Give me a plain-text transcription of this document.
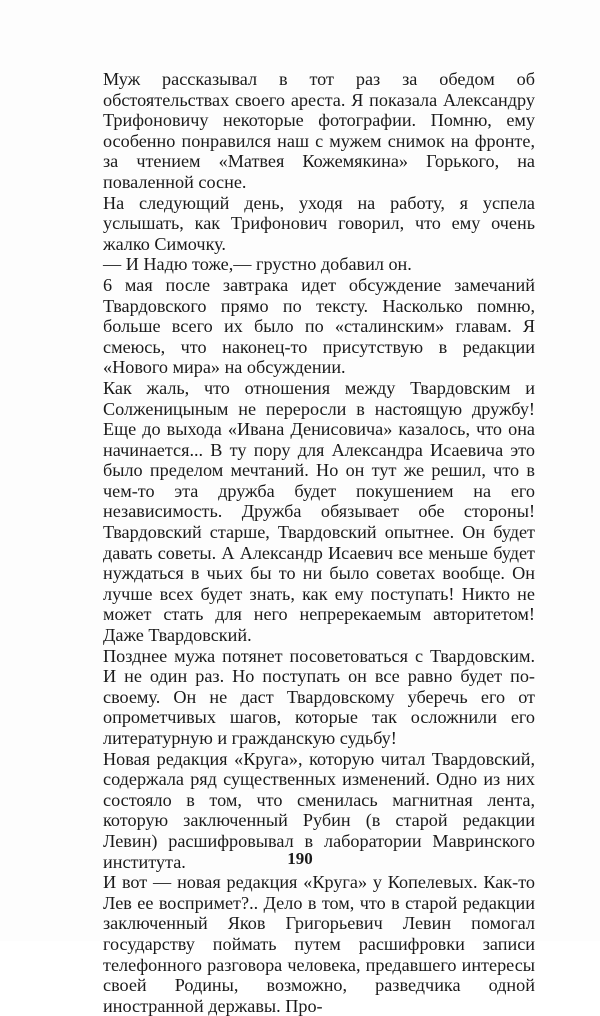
Муж рассказывал в тот раз за обедом об обстоятельствах своего ареста. Я показала Александру Трифоновичу некоторые фотографии. Помню, ему особенно понравился наш с мужем снимок на фронте, за чтением «Матвея Кожемякина» Горького, на поваленной сосне.

На следующий день, уходя на работу, я успела услышать, как Трифонович говорил, что ему очень жалко Симочку.

— И Надю тоже,— грустно добавил он.

6 мая после завтрака идет обсуждение замечаний Твардовского прямо по тексту. Насколько помню, больше всего их было по «сталинским» главам. Я смеюсь, что наконец-то присутствую в редакции «Нового мира» на обсуждении.

Как жаль, что отношения между Твардовским и Солженицыным не переросли в настоящую дружбу! Еще до выхода «Ивана Денисовича» казалось, что она начинается... В ту пору для Александра Исаевича это было пределом мечтаний. Но он тут же решил, что в чем-то эта дружба будет покушением на его независимость. Дружба обязывает обе стороны! Твардовский старше, Твардовский опытнее. Он будет давать советы. А Александр Исаевич все меньше будет нуждаться в чьих бы то ни было советах вообще. Он лучше всех будет знать, как ему поступать! Никто не может стать для него непререкаемым авторитетом! Даже Твардовский.

Позднее мужа потянет посоветоваться с Твардовским. И не один раз. Но поступать он все равно будет по-своему. Он не даст Твардовскому уберечь его от опрометчивых шагов, которые так осложнили его литературную и гражданскую судьбу!

Новая редакция «Круга», которую читал Твардовский, содержала ряд существенных изменений. Одно из них состояло в том, что сменилась магнитная лента, которую заключенный Рубин (в старой редакции Левин) расшифровывал в лаборатории Мавринского института.

И вот — новая редакция «Круга» у Копелевых. Как-то Лев ее воспримет?.. Дело в том, что в старой редакции заключенный Яков Григорьевич Левин помогал государству поймать путем расшифровки записи телефонного разговора человека, предавшего интересы своей Родины, возможно, разведчика одной иностранной державы. Про-

190
